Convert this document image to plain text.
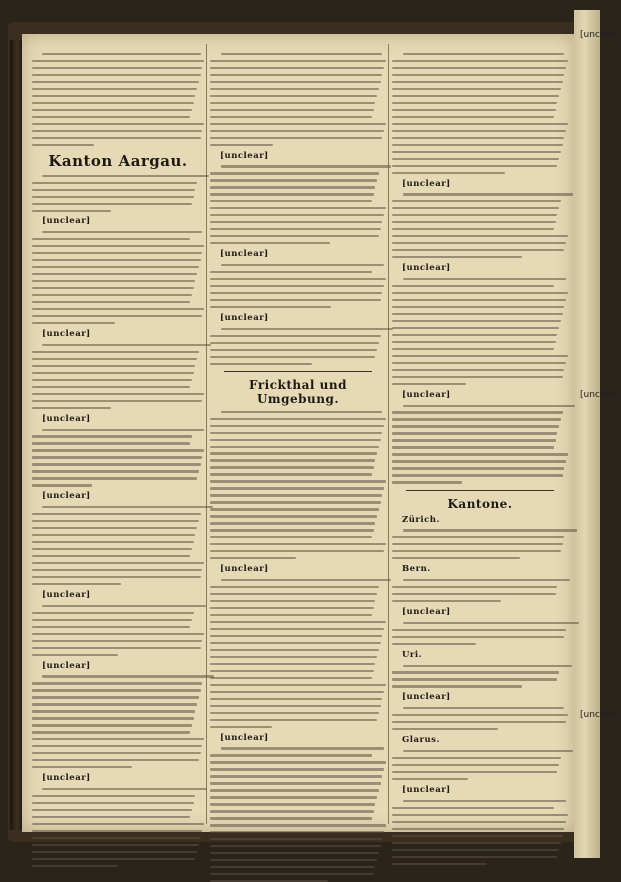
[unclear]
[unclear]
[unclear]
Kanton Aargau.
[unclear]
[unclear]
[unclear]
[unclear]
[unclear]
[unclear]
[unclear]
[unclear]
[unclear]
[unclear]
Frickthal und Umgebung.
[unclear]
[unclear]
[unclear]
[unclear]
[unclear]
Kantone.
Zürich.
Bern.
[unclear]
Uri.
[unclear]
Glarus.
[unclear]
